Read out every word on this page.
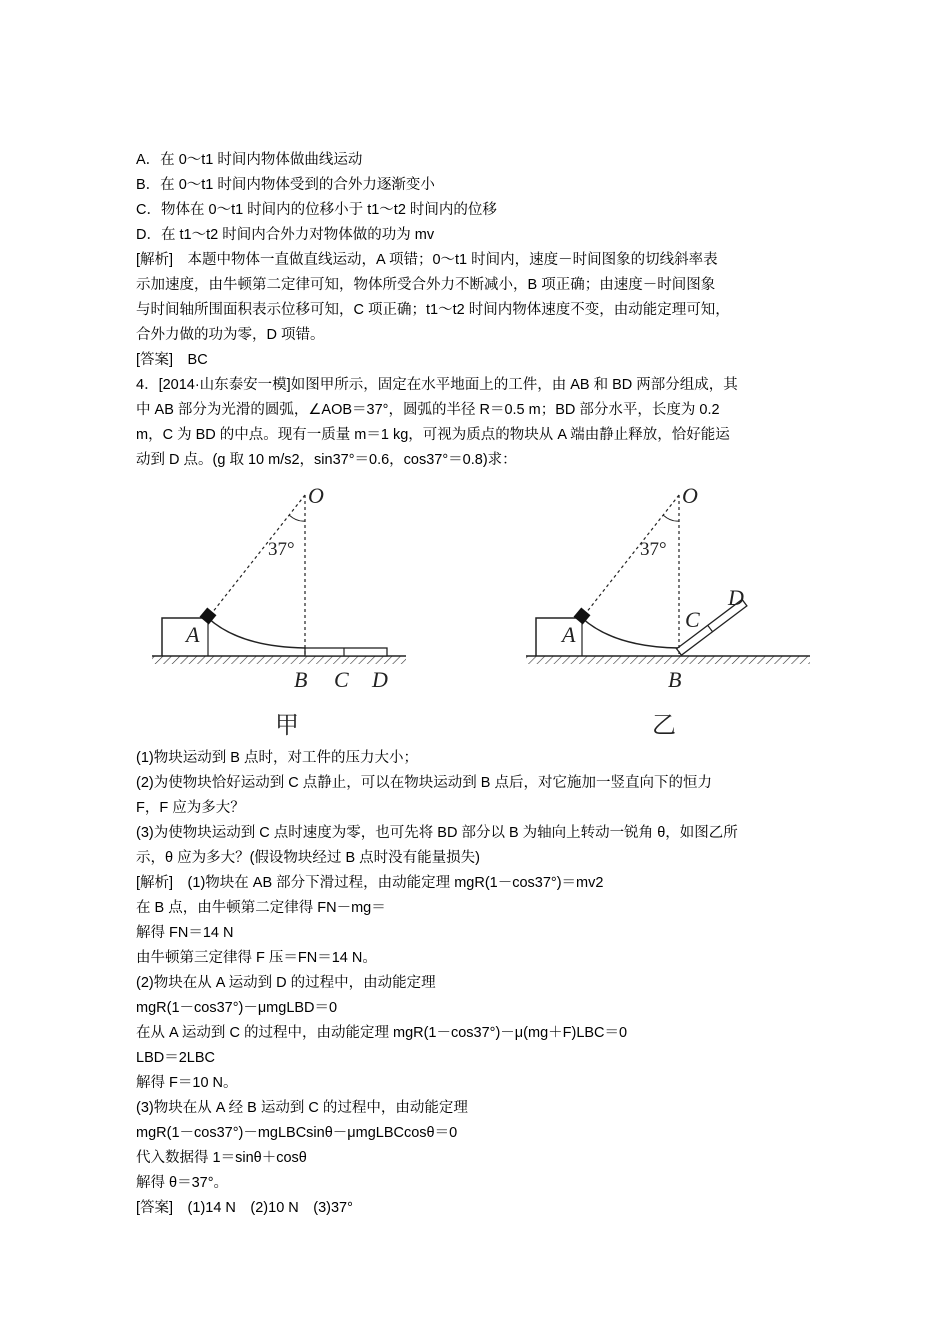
A．在 0～t1 时间内物体做曲线运动
B．在 0～t1 时间内物体受到的合外力逐渐变小
C．物体在 0～t1 时间内的位移小于 t1～t2 时间内的位移
D．在 t1～t2 时间内合外力对物体做的功为 mv
[解析]　本题中物体一直做直线运动，A 项错；0～t1 时间内，速度－时间图象的切线斜率表
示加速度，由牛顿第二定律可知，物体所受合外力不断减小，B 项正确；由速度－时间图象
与时间轴所围面积表示位移可知，C 项正确；t1～t2 时间内物体速度不变，由动能定理可知，
合外力做的功为零，D 项错。
[答案]　BC
4．[2014·山东泰安一模]如图甲所示，固定在水平地面上的工件，由 AB 和 BD 两部分组成，其
中 AB 部分为光滑的圆弧，∠AOB＝37°，圆弧的半径 R＝0.5 m；BD 部分水平，长度为 0.2
m，C 为 BD 的中点。现有一质量 m＝1 kg，可视为质点的物块从 A 端由静止释放，恰好能运
动到 D 点。(g 取 10 m/s2，sin37°＝0.6，cos37°＝0.8)求：
O
37°
A
B C D
甲
O
37°
A
B
C
D
乙
(1)物块运动到 B 点时，对工件的压力大小；
(2)为使物块恰好运动到 C 点静止，可以在物块运动到 B 点后，对它施加一竖直向下的恒力
F，F 应为多大？
(3)为使物块运动到 C 点时速度为零，也可先将 BD 部分以 B 为轴向上转动一锐角 θ，如图乙所
示，θ 应为多大？(假设物块经过 B 点时没有能量损失)
[解析]　(1)物块在 AB 部分下滑过程，由动能定理 mgR(1－cos37°)＝mv2
在 B 点，由牛顿第二定律得 FN－mg＝
解得 FN＝14 N
由牛顿第三定律得 F 压＝FN＝14 N。
(2)物块在从 A 运动到 D 的过程中，由动能定理
mgR(1－cos37°)－μmgLBD＝0
在从 A 运动到 C 的过程中，由动能定理 mgR(1－cos37°)－μ(mg＋F)LBC＝0
LBD＝2LBC
解得 F＝10 N。
(3)物块在从 A 经 B 运动到 C 的过程中，由动能定理
mgR(1－cos37°)－mgLBCsinθ－μmgLBCcosθ＝0
代入数据得 1＝sinθ＋cosθ
解得 θ＝37°。
[答案]　(1)14 N　(2)10 N　(3)37°
